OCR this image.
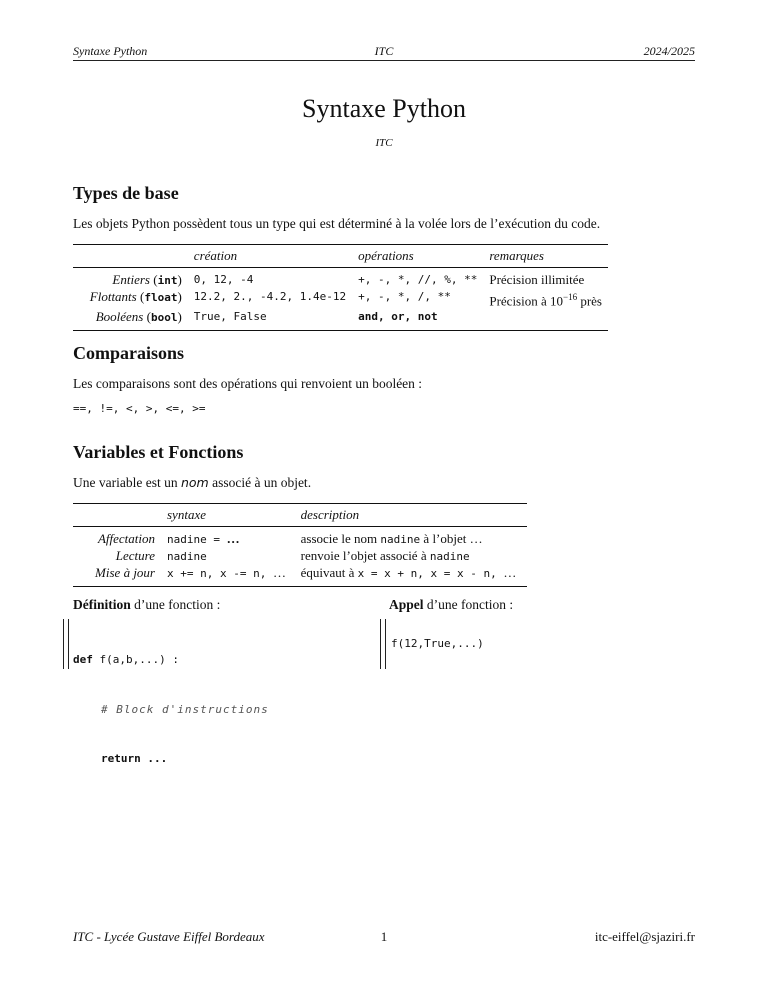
Syntaxe Python	ITC	2024/2025
Syntaxe Python
ITC
Types de base
Les objets Python possèdent tous un type qui est déterminé à la volée lors de l’exécution du code.
	création	opérations	remarques
Entiers (int)	0, 12, -4	+, -, *, //, %, **	Précision illimitée
Flottants (float)	12.2, 2., -4.2, 1.4e-12	+, -, *, /, **	Précision à $10^{-16}$ près
Booléens (bool)	True, False	and, or, not	
Comparaisons
Les comparaisons sont des opérations qui renvoient un booléen :
==, !=, <, >, <=, >=
Variables et Fonctions
Une variable est un nom associé à un objet.
	syntaxe	description
Affectation	nadine = …	associe le nom nadine à l’objet …
Lecture	nadine	renvoie l’objet associé à nadine
Mise à jour	x += n, x -= n, …	équivaut à x = x + n, x = x - n, …
Définition d’une fonction :	Appel d’une fonction :

def f(a,b,...) :

# Block d'instructions

return ...

f(12,True,...)
ITC - Lycée Gustave Eiffel Bordeaux	1	itc-eiffel@sjaziri.fr
